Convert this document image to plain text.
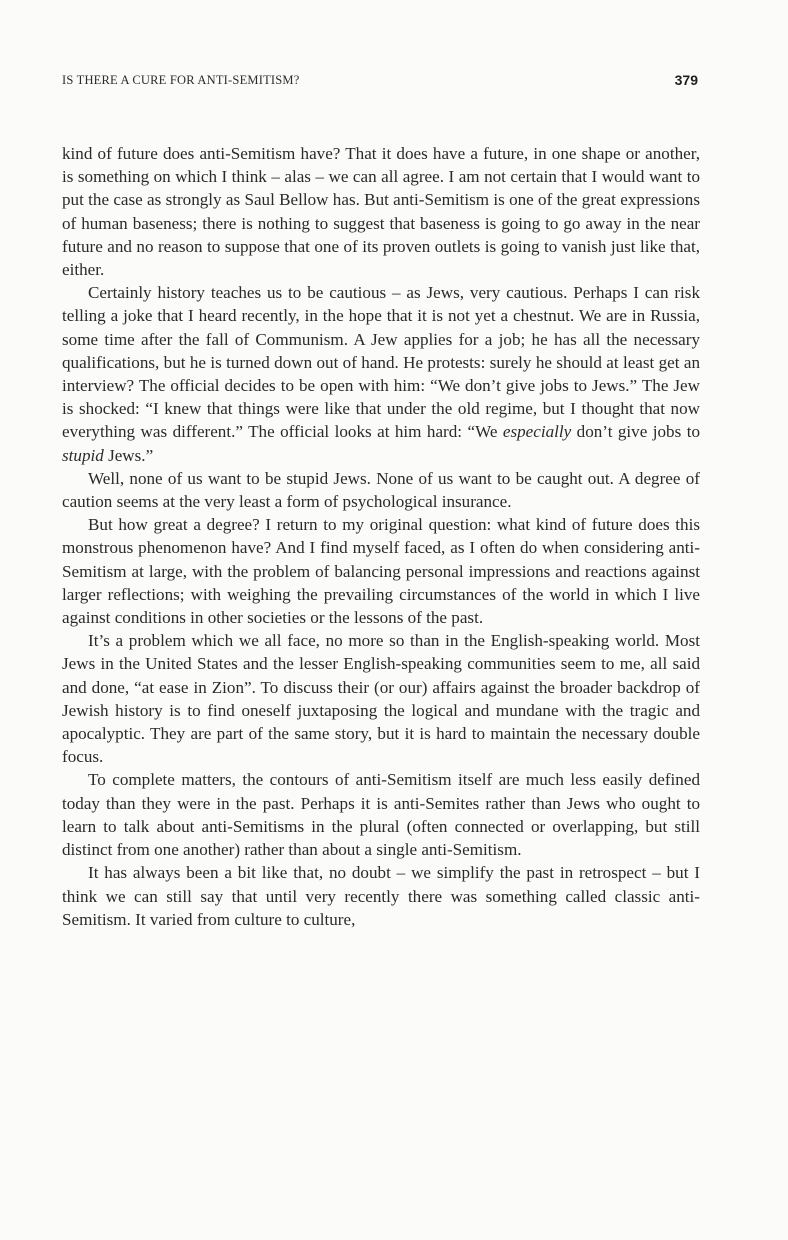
IS THERE A CURE FOR ANTI-SEMITISM?	379

kind of future does anti-Semitism have? That it does have a future, in one shape or another, is something on which I think – alas – we can all agree. I am not certain that I would want to put the case as strongly as Saul Bellow has. But anti-Semitism is one of the great expressions of human baseness; there is nothing to suggest that baseness is going to go away in the near future and no reason to suppose that one of its proven outlets is going to vanish just like that, either.

Certainly history teaches us to be cautious – as Jews, very cautious. Perhaps I can risk telling a joke that I heard recently, in the hope that it is not yet a chestnut. We are in Russia, some time after the fall of Communism. A Jew applies for a job; he has all the necessary qualifications, but he is turned down out of hand. He protests: surely he should at least get an interview? The official decides to be open with him: “We don’t give jobs to Jews.” The Jew is shocked: “I knew that things were like that under the old regime, but I thought that now everything was different.” The official looks at him hard: “We especially don’t give jobs to stupid Jews.”

Well, none of us want to be stupid Jews. None of us want to be caught out. A degree of caution seems at the very least a form of psychological insurance.

But how great a degree? I return to my original question: what kind of future does this monstrous phenomenon have? And I find myself faced, as I often do when considering anti-Semitism at large, with the problem of balancing personal impressions and reactions against larger reflections; with weighing the prevailing circumstances of the world in which I live against conditions in other societies or the lessons of the past.

It’s a problem which we all face, no more so than in the English-speaking world. Most Jews in the United States and the lesser English-speaking communities seem to me, all said and done, “at ease in Zion”. To discuss their (or our) affairs against the broader backdrop of Jewish history is to find oneself juxtaposing the logical and mundane with the tragic and apocalyptic. They are part of the same story, but it is hard to maintain the necessary double focus.

To complete matters, the contours of anti-Semitism itself are much less easily defined today than they were in the past. Perhaps it is anti-Semites rather than Jews who ought to learn to talk about anti-Semitisms in the plural (often connected or overlapping, but still distinct from one another) rather than about a single anti-Semitism.

It has always been a bit like that, no doubt – we simplify the past in retrospect – but I think we can still say that until very recently there was something called classic anti-Semitism. It varied from culture to culture,
